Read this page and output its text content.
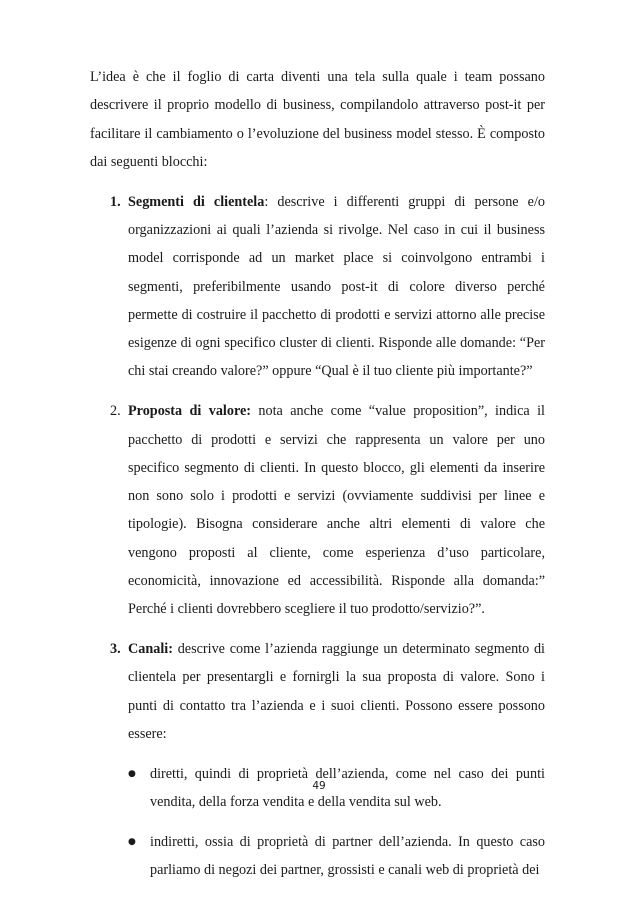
L’idea è che il foglio di carta diventi una tela sulla quale i team possano descrivere il proprio modello di business, compilandolo attraverso post-it per facilitare il cambiamento o l’evoluzione del business model stesso. È composto dai seguenti blocchi:

1. Segmenti di clientela: descrive i differenti gruppi di persone e/o organizzazioni ai quali l’azienda si rivolge. Nel caso in cui il business model corrisponde ad un market place si coinvolgono entrambi i segmenti, preferibilmente usando post-it di colore diverso perché permette di costruire il pacchetto di prodotti e servizi attorno alle precise esigenze di ogni specifico cluster di clienti. Risponde alle domande: “Per chi stai creando valore?” oppure “Qual è il tuo cliente più importante?”

2. Proposta di valore: nota anche come “value proposition”, indica il pacchetto di prodotti e servizi che rappresenta un valore per uno specifico segmento di clienti. In questo blocco, gli elementi da inserire non sono solo i prodotti e servizi (ovviamente suddivisi per linee e tipologie). Bisogna considerare anche altri elementi di valore che vengono proposti al cliente, come esperienza d’uso particolare, economicità, innovazione ed accessibilità. Risponde alla domanda:” Perché i clienti dovrebbero scegliere il tuo prodotto/servizio?”.

3. Canali: descrive come l’azienda raggiunge un determinato segmento di clientela per presentargli e fornirgli la sua proposta di valore. Sono i punti di contatto tra l’azienda e i suoi clienti. Possono essere possono essere:

● diretti, quindi di proprietà dell’azienda, come nel caso dei punti vendita, della forza vendita e della vendita sul web.

● indiretti, ossia di proprietà di partner dell’azienda. In questo caso parliamo di negozi dei partner, grossisti e canali web di proprietà dei

49
